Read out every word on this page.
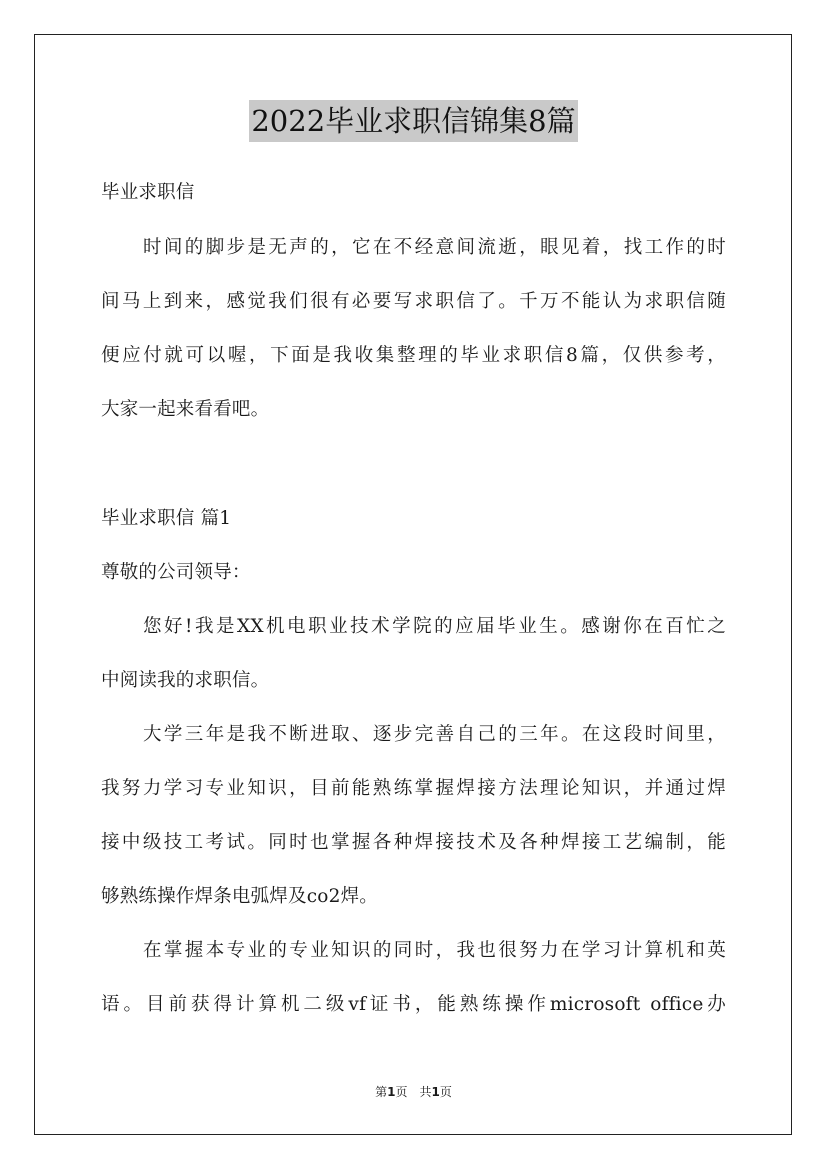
2022毕业求职信锦集8篇
毕业求职信
时间的脚步是无声的，它在不经意间流逝，眼见着，找工作的时
间马上到来，感觉我们很有必要写求职信了。千万不能认为求职信随
便应付就可以喔，下面是我收集整理的毕业求职信8篇，仅供参考，
大家一起来看看吧。
毕业求职信 篇1
尊敬的公司领导：
您好!我是XX机电职业技术学院的应届毕业生。感谢你在百忙之
中阅读我的求职信。
大学三年是我不断进取、逐步完善自己的三年。在这段时间里，
我努力学习专业知识，目前能熟练掌握焊接方法理论知识，并通过焊
接中级技工考试。同时也掌握各种焊接技术及各种焊接工艺编制，能
够熟练操作焊条电弧焊及co2焊。
在掌握本专业的专业知识的同时，我也很努力在学习计算机和英
语。目前获得计算机二级vf证书，能熟练操作microsoft office办
第1页　共1页
